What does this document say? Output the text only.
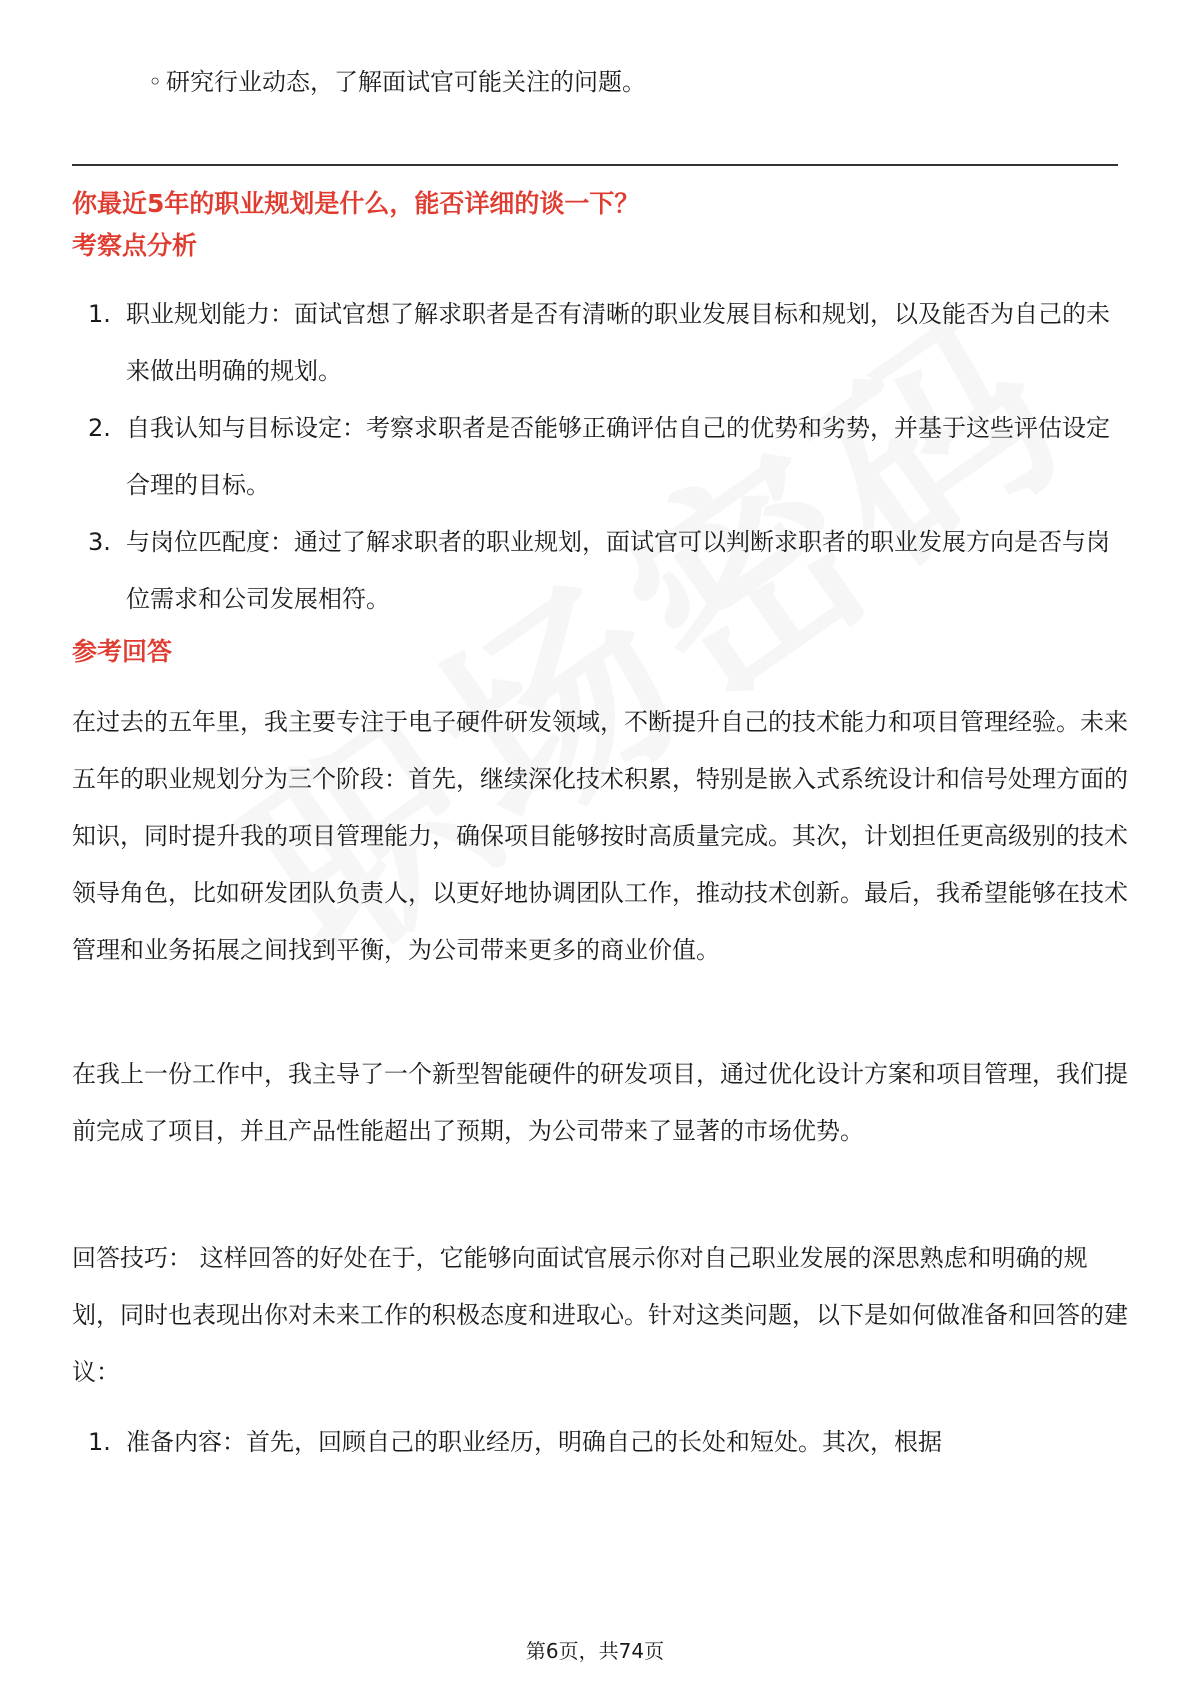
◦ 研究行业动态，了解面试官可能关注的问题。
你最近5年的职业规划是什么，能否详细的谈一下？
考察点分析
1. 职业规划能力：面试官想了解求职者是否有清晰的职业发展目标和规划，以及能否为自己的未来做出明确的规划。
2. 自我认知与目标设定：考察求职者是否能够正确评估自己的优势和劣势，并基于这些评估设定合理的目标。
3. 与岗位匹配度：通过了解求职者的职业规划，面试官可以判断求职者的职业发展方向是否与岗位需求和公司发展相符。
参考回答
在过去的五年里，我主要专注于电子硬件研发领域，不断提升自己的技术能力和项目管理经验。未来五年的职业规划分为三个阶段：首先，继续深化技术积累，特别是嵌入式系统设计和信号处理方面的知识，同时提升我的项目管理能力，确保项目能够按时高质量完成。其次，计划担任更高级别的技术领导角色，比如研发团队负责人，以更好地协调团队工作，推动技术创新。最后，我希望能够在技术管理和业务拓展之间找到平衡，为公司带来更多的商业价值。
在我上一份工作中，我主导了一个新型智能硬件的研发项目，通过优化设计方案和项目管理，我们提前完成了项目，并且产品性能超出了预期，为公司带来了显著的市场优势。
回答技巧： 这样回答的好处在于，它能够向面试官展示你对自己职业发展的深思熟虑和明确的规划，同时也表现出你对未来工作的积极态度和进取心。针对这类问题，以下是如何做准备和回答的建议：
1. 准备内容：首先，回顾自己的职业经历，明确自己的长处和短处。其次，根据
第6页，共74页
